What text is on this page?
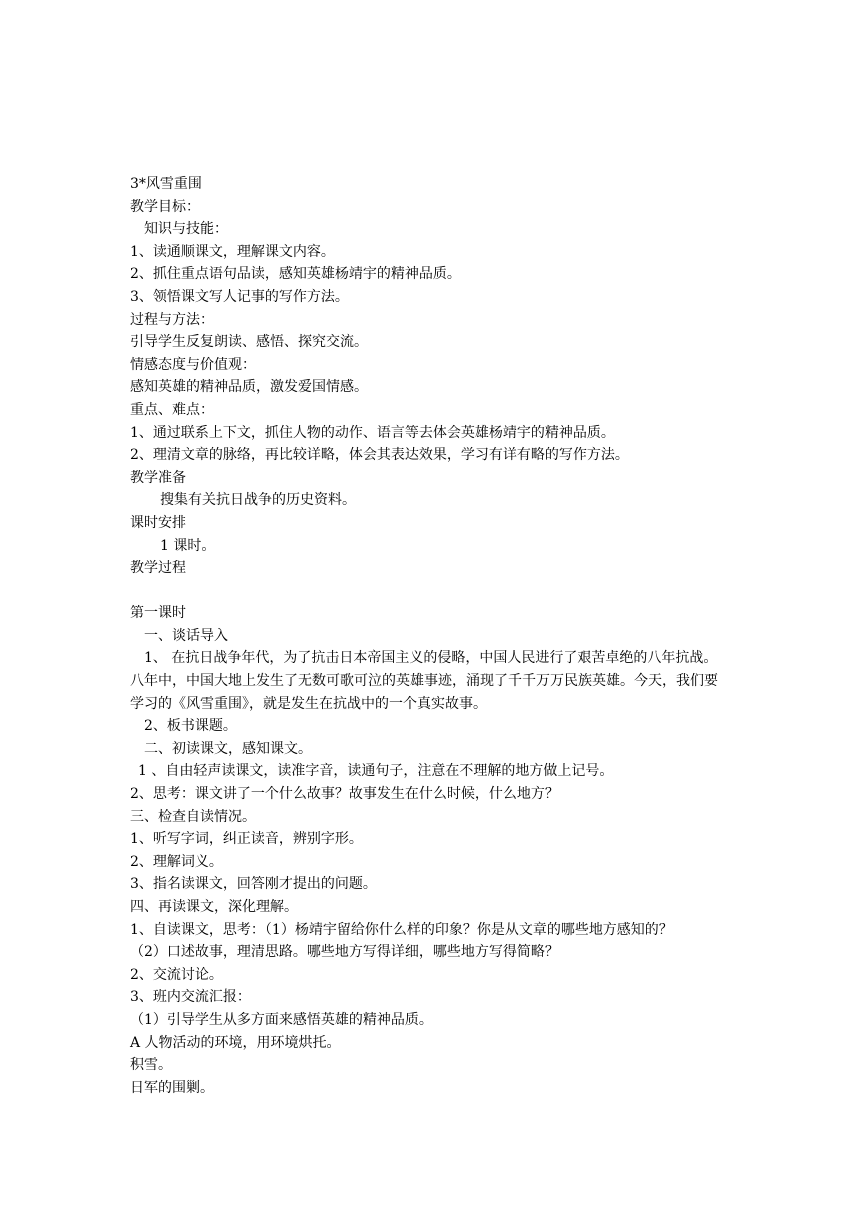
3*风雪重围
教学目标：
知识与技能：
1、读通顺课文，理解课文内容。
2、抓住重点语句品读，感知英雄杨靖宇的精神品质。
3、领悟课文写人记事的写作方法。
过程与方法：
引导学生反复朗读、感悟、探究交流。
情感态度与价值观：
感知英雄的精神品质，激发爱国情感。
重点、难点：
1、通过联系上下文，抓住人物的动作、语言等去体会英雄杨靖宇的精神品质。
2、理清文章的脉络，再比较详略，体会其表达效果，学习有详有略的写作方法。
教学准备
搜集有关抗日战争的历史资料。
课时安排
1 课时。
教学过程
第一课时
一、谈话导入
1、 在抗日战争年代，为了抗击日本帝国主义的侵略，中国人民进行了艰苦卓绝的八年抗战。八年中，中国大地上发生了无数可歌可泣的英雄事迹，涌现了千千万万民族英雄。今天，我们要学习的《风雪重围》，就是发生在抗战中的一个真实故事。
2、板书课题。
二、初读课文，感知课文。
1 、自由轻声读课文，读准字音，读通句子，注意在不理解的地方做上记号。
2、思考：课文讲了一个什么故事？故事发生在什么时候，什么地方？
三、检查自读情况。
1、听写字词，纠正读音，辨别字形。
2、理解词义。
3、指名读课文，回答刚才提出的问题。
四、再读课文，深化理解。
1、自读课文，思考：（1）杨靖宇留给你什么样的印象？你是从文章的哪些地方感知的？
（2）口述故事，理清思路。哪些地方写得详细，哪些地方写得简略？
2、交流讨论。
3、班内交流汇报：
（1）引导学生从多方面来感悟英雄的精神品质。
A 人物活动的环境，用环境烘托。
积雪。
日军的围剿。
